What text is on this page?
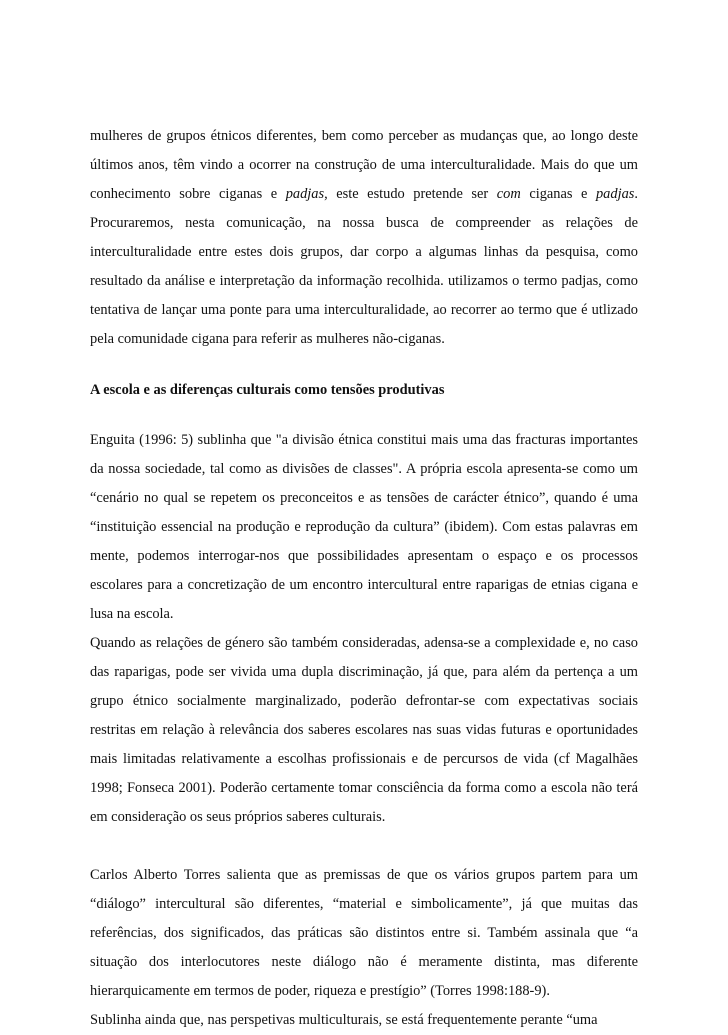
mulheres de grupos étnicos diferentes, bem como perceber as mudanças que, ao longo deste últimos anos, têm vindo a ocorrer na construção de uma interculturalidade. Mais do que um conhecimento sobre ciganas e padjas, este estudo pretende ser com ciganas e padjas. Procuraremos, nesta comunicação, na nossa busca de compreender as relações de interculturalidade entre estes dois grupos, dar corpo a algumas linhas da pesquisa, como resultado da análise e interpretação da informação recolhida. utilizamos o termo padjas, como tentativa de lançar uma ponte para uma interculturalidade, ao recorrer ao termo que é utlizado pela comunidade cigana para referir as mulheres não-ciganas.

A escola e as diferenças culturais como tensões produtivas

Enguita (1996: 5) sublinha que "a divisão étnica constitui mais uma das fracturas importantes da nossa sociedade, tal como as divisões de classes". A própria escola apresenta-se como um “cenário no qual se repetem os preconceitos e as tensões de carácter étnico”, quando é uma “instituição essencial na produção e reprodução da cultura” (ibidem). Com estas palavras em mente, podemos interrogar-nos que possibilidades apresentam o espaço e os processos escolares para a concretização de um encontro intercultural entre raparigas de etnias cigana e lusa na escola.

Quando as relações de género são também consideradas, adensa-se a complexidade e, no caso das raparigas, pode ser vivida uma dupla discriminação, já que, para além da pertença a um grupo étnico socialmente marginalizado, poderão defrontar-se com expectativas sociais restritas em relação à relevância dos saberes escolares nas suas vidas futuras e oportunidades mais limitadas relativamente a escolhas profissionais e de percursos de vida (cf Magalhães 1998; Fonseca 2001). Poderão certamente tomar consciência da forma como a escola não terá em consideração os seus próprios saberes culturais.

Carlos Alberto Torres salienta que as premissas de que os vários grupos partem para um “diálogo” intercultural são diferentes, “material e simbolicamente”, já que muitas das referências, dos significados, das práticas são distintos entre si. Também assinala que “a situação dos interlocutores neste diálogo não é meramente distinta, mas diferente hierarquicamente em termos de poder, riqueza e prestígio” (Torres 1998:188-9).

Sublinha ainda que, nas perspetivas multiculturais, se está frequentemente perante “uma
